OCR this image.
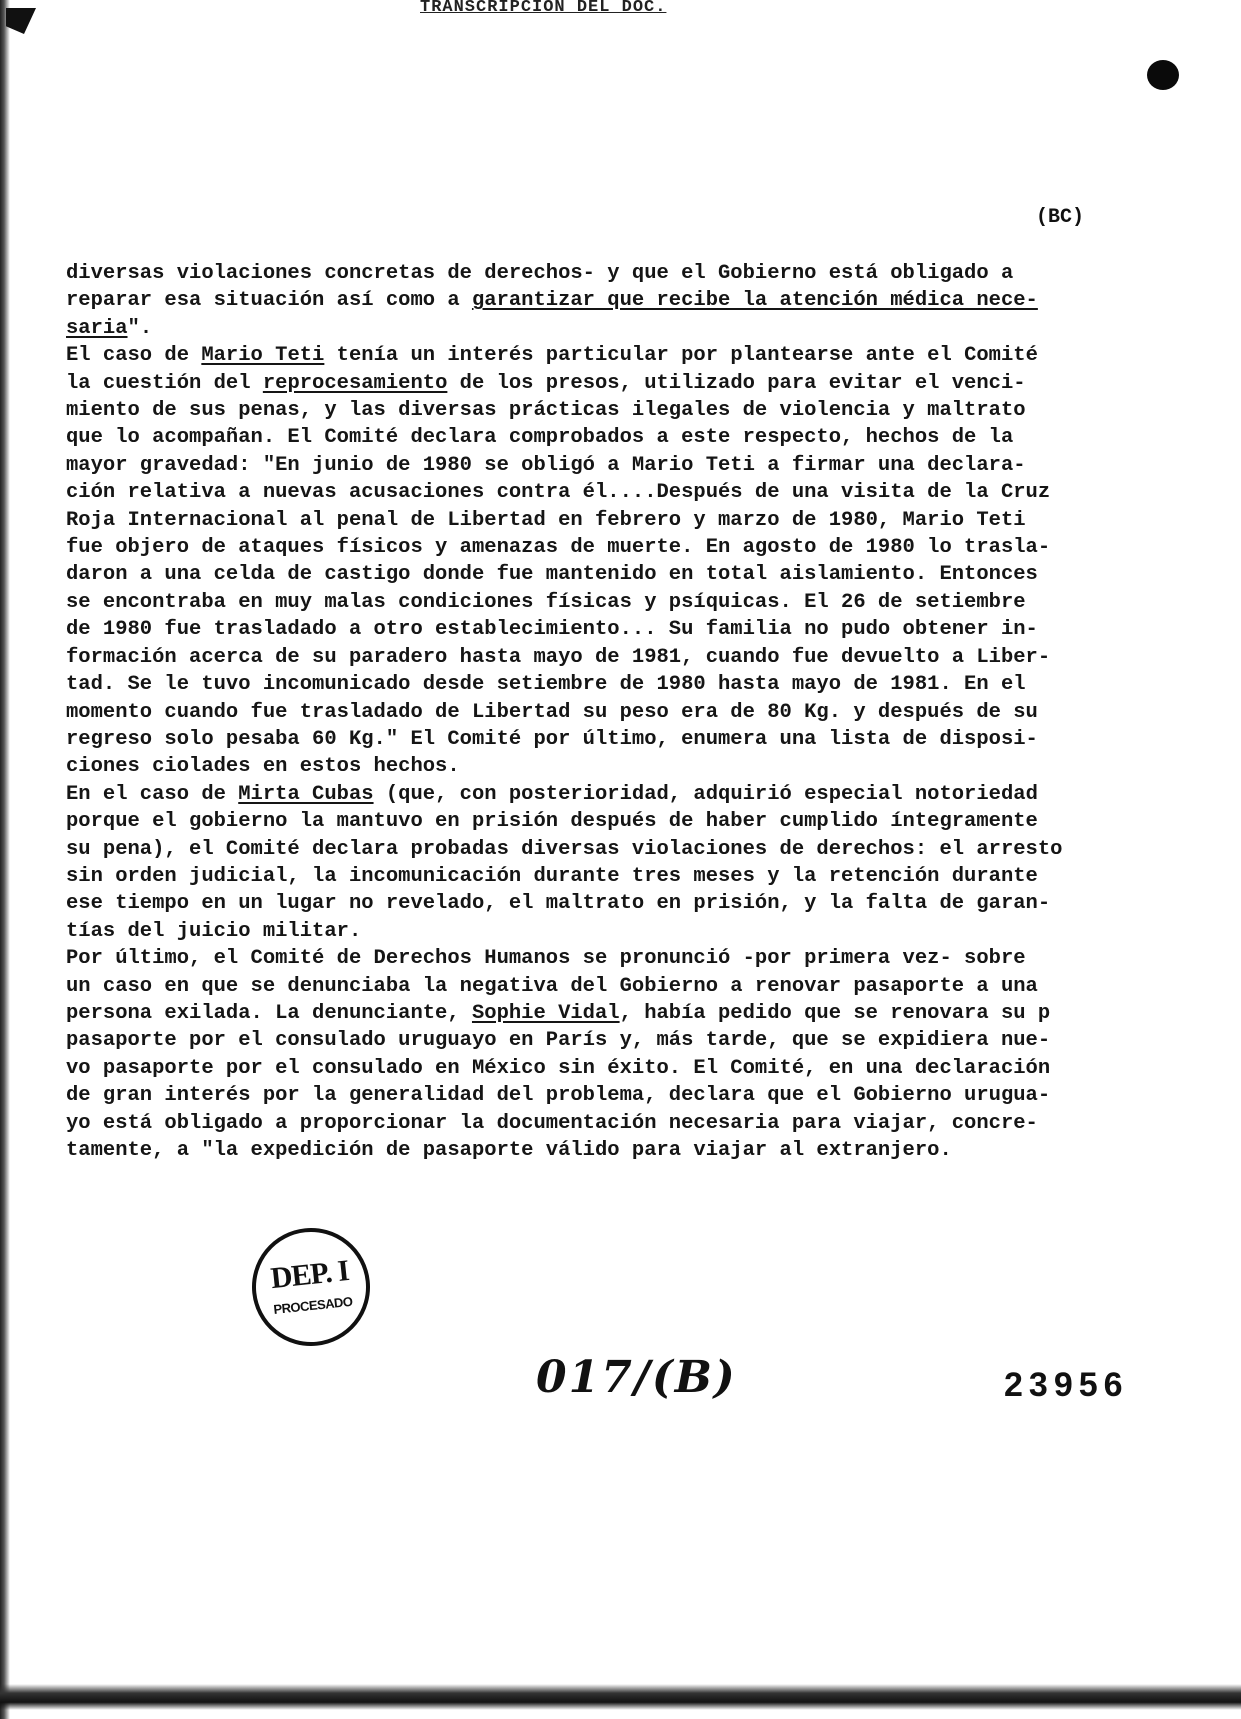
TRANSCRIPCION DEL DOC.
(BC)
diversas violaciones concretas de derechos- y que el Gobierno está obligado a
reparar esa situación así como a garantizar que recibe la atención médica nece-
saria".
El caso de Mario Teti tenía un interés particular por plantearse ante el Comité
la cuestión del reprocesamiento de los presos, utilizado para evitar el venci-
miento de sus penas, y las diversas prácticas ilegales de violencia y maltrato
que lo acompañan. El Comité declara comprobados a este respecto, hechos de la
mayor gravedad: "En junio de 1980 se obligó a Mario Teti a firmar una declara-
ción relativa a nuevas acusaciones contra él....Después de una visita de la Cruz
Roja Internacional al penal de Libertad en febrero y marzo de 1980, Mario Teti
fue objero de ataques físicos y amenazas de muerte. En agosto de 1980 lo trasla-
daron a una celda de castigo donde fue mantenido en total aislamiento. Entonces
se encontraba en muy malas condiciones físicas y psíquicas. El 26 de setiembre
de 1980 fue trasladado a otro establecimiento... Su familia no pudo obtener in-
formación acerca de su paradero hasta mayo de 1981, cuando fue devuelto a Liber-
tad. Se le tuvo incomunicado desde setiembre de 1980 hasta mayo de 1981. En el
momento cuando fue trasladado de Libertad su peso era de 80 Kg. y después de su
regreso solo pesaba 60 Kg." El Comité por último, enumera una lista de disposi-
ciones ciolades en estos hechos.
En el caso de Mirta Cubas (que, con posterioridad, adquirió especial notoriedad
porque el gobierno la mantuvo en prisión después de haber cumplido íntegramente
su pena), el Comité declara probadas diversas violaciones de derechos: el arresto
sin orden judicial, la incomunicación durante tres meses y la retención durante
ese tiempo en un lugar no revelado, el maltrato en prisión, y la falta de garan-
tías del juicio militar.
Por último, el Comité de Derechos Humanos se pronunció -por primera vez- sobre
un caso en que se denunciaba la negativa del Gobierno a renovar pasaporte a una
persona exilada. La denunciante, Sophie Vidal, había pedido que se renovara su p
pasaporte por el consulado uruguayo en París y, más tarde, que se expidiera nue-
vo pasaporte por el consulado en México sin éxito. El Comité, en una declaración
de gran interés por la generalidad del problema, declara que el Gobierno urugua-
yo está obligado a proporcionar la documentación necesaria para viajar, concre-
tamente, a "la expedición de pasaporte válido para viajar al extranjero.
DEP. I
PROCESADO
017/(B)	23956
